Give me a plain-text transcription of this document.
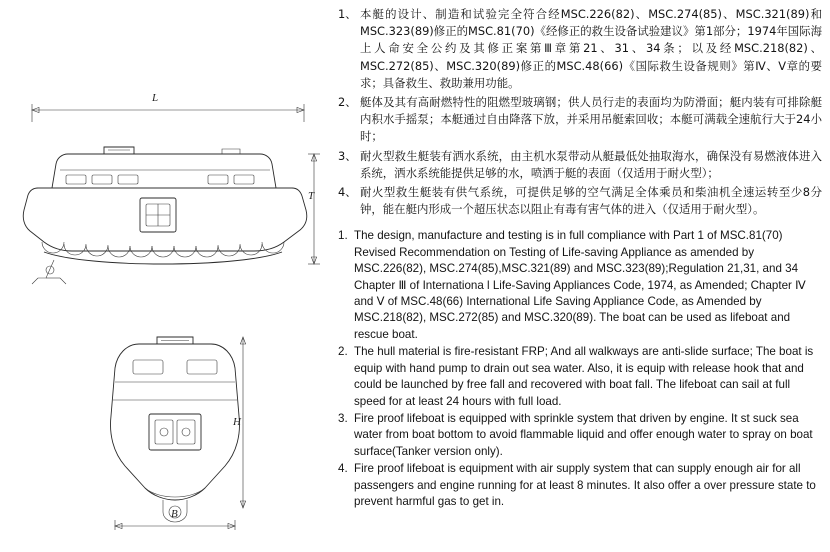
L
T
B
H
1、 本艇的设计、制造和试验完全符合经MSC.226(82)、MSC.274(85)、MSC.321(89)和MSC.323(89)修正的MSC.81(70)《经修正的救生设备试验建议》第1部分；1974年国际海上人命安全公约及其修正案第Ⅲ章第21、31、34条；以及经MSC.218(82)、MSC.272(85)、MSC.320(89)修正的MSC.48(66)《国际救生设备规则》第Ⅳ、Ⅴ章的要求；具备救生、救助兼用功能。
2、 艇体及其有高耐燃特性的阻燃型玻璃钢；供人员行走的表面均为防滑面；艇内装有可排除艇内积水手摇泵；本艇通过自由降落下放，并采用吊艇索回收；本艇可满载全速航行大于24小时；
3、 耐火型救生艇装有洒水系统，由主机水泵带动从艇最低处抽取海水，确保没有易燃液体进入系统，洒水系统能提供足够的水，喷洒于艇的表面（仅适用于耐火型）；
4、 耐火型救生艇装有供气系统，可提供足够的空气满足全体乘员和柴油机全速运转至少8分钟，能在艇内形成一个超压状态以阻止有毒有害气体的进入（仅适用于耐火型）。
1. The design, manufacture and testing is in full compliance with Part 1 of MSC.81(70) Revised Recommendation on Testing of Life-saving Appliance as amended by MSC.226(82), MSC.274(85),MSC.321(89) and MSC.323(89);Regulation 21,31, and 34 Chapter Ⅲ of Internationa l Life-Saving Appliances Code, 1974, as Amended; Chapter Ⅳ and Ⅴ of MSC.48(66) International Life Saving Appliance Code, as Amended by MSC.218(82), MSC.272(85) and MSC.320(89). The boat can be used as lifeboat and rescue boat.
2. The hull material is fire-resistant FRP; And all walkways are anti-slide surface; The boat is equip with hand pump to drain out sea water. Also, it is equip with release hook that and could be launched by free fall and recovered with boat fall. The lifeboat can sail at full speed for at least 24 hours with full load.
3. Fire proof lifeboat is equipped with sprinkle system that driven by engine. It st suck sea water from boat bottom to avoid flammable liquid and offer enough water to spray on boat surface(Tanker version only).
4. Fire proof lifeboat is equipment with air supply system that can supply enough air for all passengers and engine running for at least 8 minutes. It also offer a over pressure state to prevent harmful gas to get in.
